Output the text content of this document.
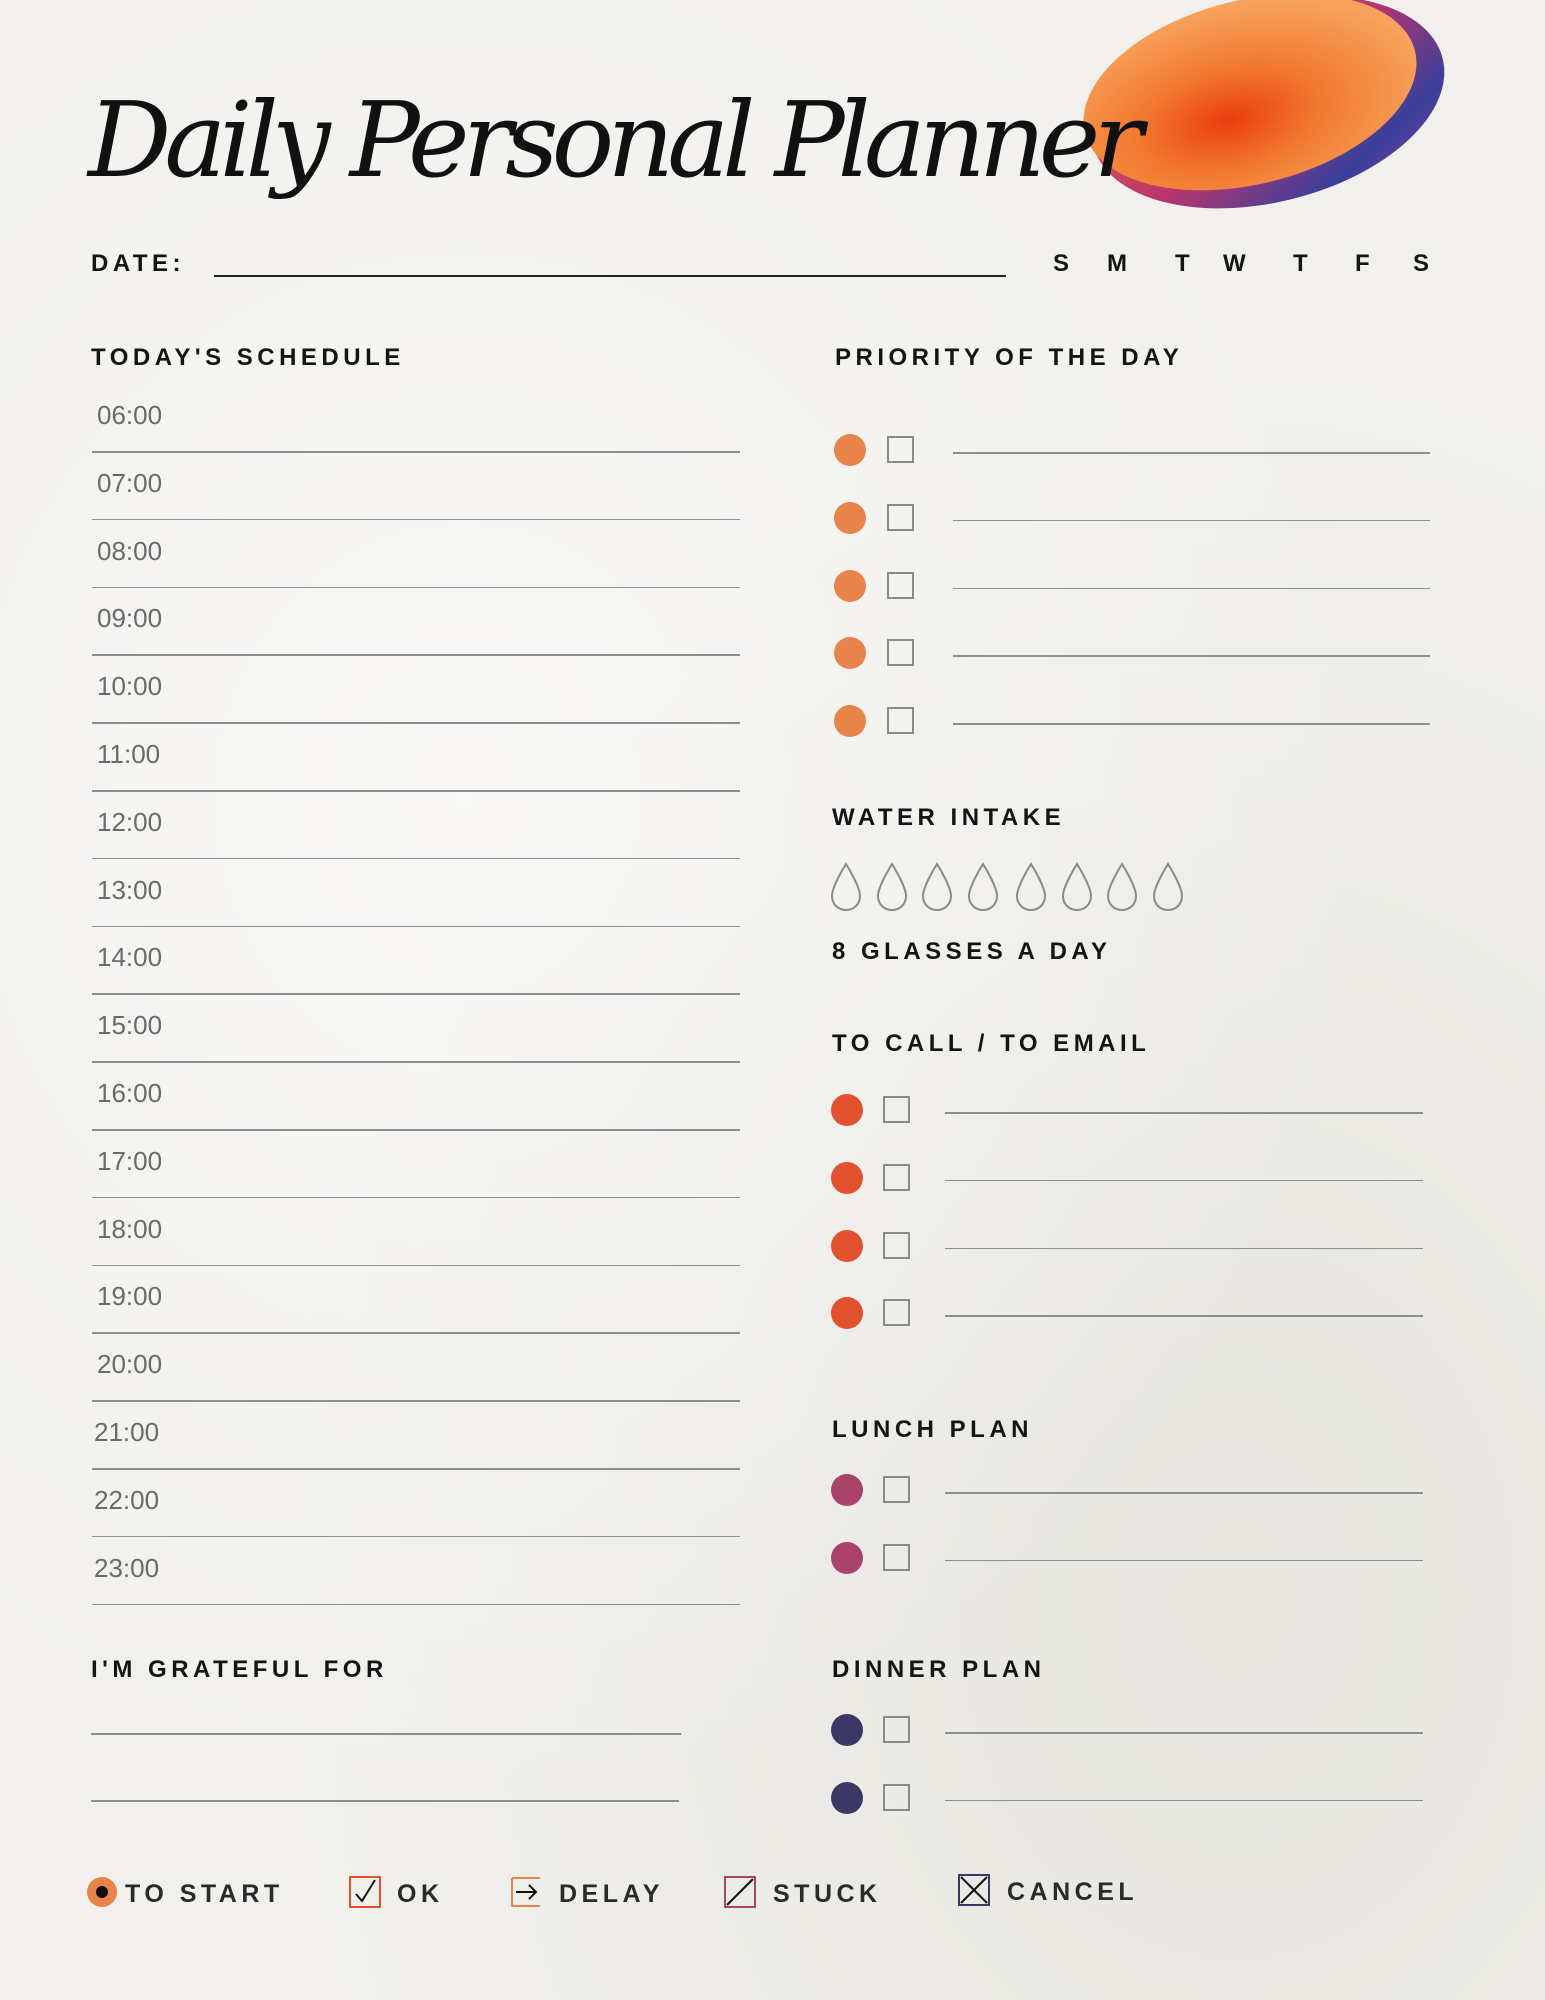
Daily Personal Planner
DATE:	S M T W T F S
TODAY'S SCHEDULE
06:00
07:00
08:00
09:00
10:00
11:00
12:00
13:00
14:00
15:00
16:00
17:00
18:00
19:00
20:00
21:00
22:00
23:00
I'M GRATEFUL FOR
PRIORITY OF THE DAY
WATER INTAKE
8 GLASSES A DAY
TO CALL / TO EMAIL
LUNCH PLAN
DINNER PLAN
TO START	OK	DELAY	STUCK	CANCEL
